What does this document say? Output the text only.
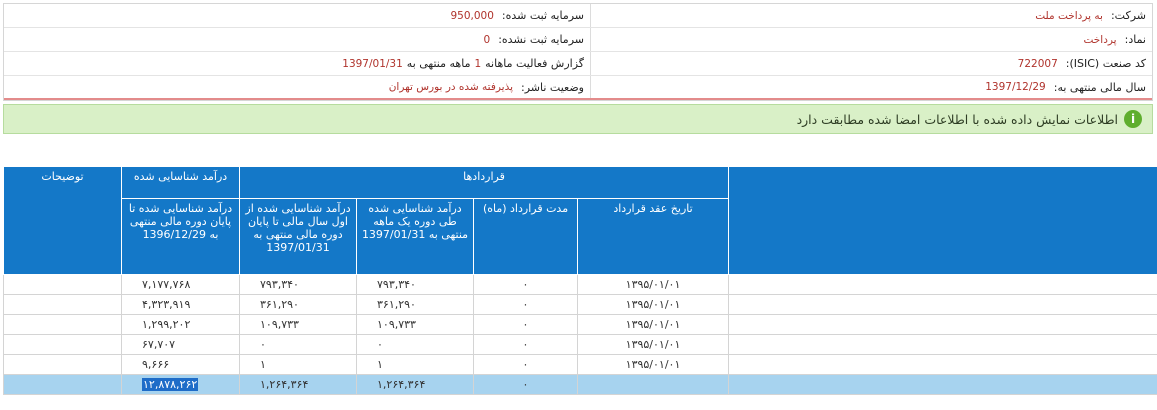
شرکت:
به پرداخت ملت
سرمایه ثبت شده:
950,000
نماد:
پرداخت
سرمایه ثبت نشده:
0
کد صنعت (ISIC):
722007
گزارش فعالیت ماهانه
1
ماهه منتهی به
1397/01/31
سال مالی منتهی به:
1397/12/29
وضعیت ناشر:
پذیرفته شده در بورس تهران
i
اطلاعات نمایش داده شده با اطلاعات امضا شده مطابقت دارد
	قراردادها				درآمد شناسایی شده	توضیحات
	تاریخ عقد قرارداد	مدت قرارداد (ماه)	درآمد شناسایی شده طی دوره یک ماهه منتهی به 1397/01/31	درآمد شناسایی شده از اول سال مالی تا پایان دوره مالی منتهی به 1397/01/31	درآمد شناسایی شده تا پایان دوره مالی منتهی به 1396/12/29	
	۱۳۹۵/۰۱/۰۱	۰	۷۹۳,۳۴۰	۷۹۳,۳۴۰	۷,۱۷۷,۷۶۸	
	۱۳۹۵/۰۱/۰۱	۰	۳۶۱,۲۹۰	۳۶۱,۲۹۰	۴,۳۲۳,۹۱۹	
	۱۳۹۵/۰۱/۰۱	۰	۱۰۹,۷۳۳	۱۰۹,۷۳۳	۱,۲۹۹,۲۰۲	
	۱۳۹۵/۰۱/۰۱	۰	۰	۰	۶۷,۷۰۷	
	۱۳۹۵/۰۱/۰۱	۰	۱	۱	۹,۶۶۶	
		۰	۱,۲۶۴,۳۶۴	۱,۲۶۴,۳۶۴	۱۲,۸۷۸,۲۶۲	
